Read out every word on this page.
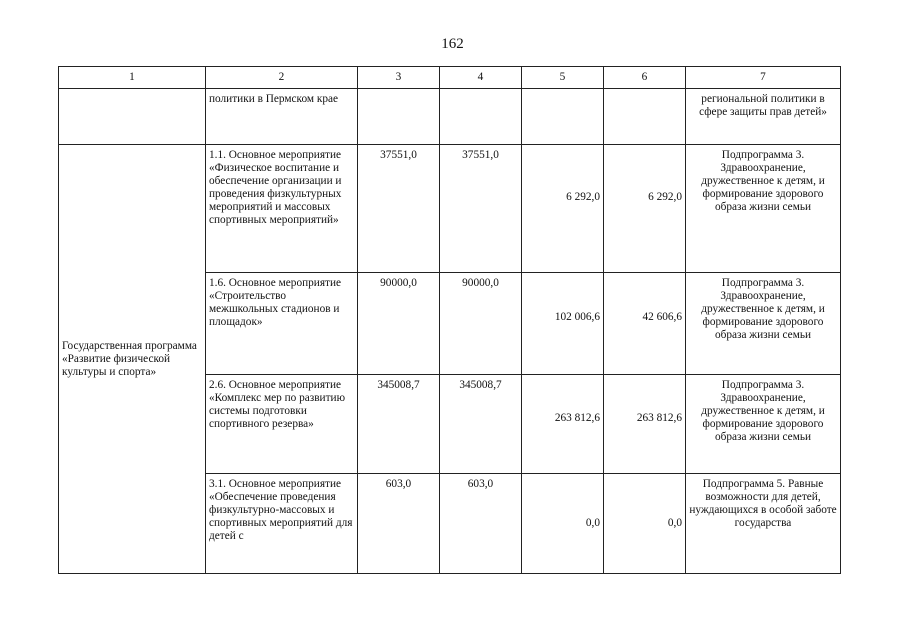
162
1	2	3	4	5	6	7
	политики в Пермском крае					региональной политики в сфере защиты прав детей»
Государственная программа «Развитие физической культуры и спорта»	1.1. Основное мероприятие «Физическое воспитание и обеспечение организации и проведения физкультурных мероприятий и массовых спортивных мероприятий»	37551,0	37551,0	6 292,0	6 292,0	Подпрограмма 3. Здравоохранение, дружественное к детям, и формирование здорового образа жизни семьи
	1.6. Основное мероприятие «Строительство межшкольных стадионов и площадок»	90000,0	90000,0	102 006,6	42 606,6	Подпрограмма 3. Здравоохранение, дружественное к детям, и формирование здорового образа жизни семьи
	2.6. Основное мероприятие «Комплекс мер по развитию системы подготовки спортивного резерва»	345008,7	345008,7	263 812,6	263 812,6	Подпрограмма 3. Здравоохранение, дружественное к детям, и формирование здорового образа жизни семьи
	3.1. Основное мероприятие «Обеспечение проведения физкультурно-массовых и спортивных мероприятий для детей с	603,0	603,0	0,0	0,0	Подпрограмма 5. Равные возможности для детей, нуждающихся в особой заботе государства
